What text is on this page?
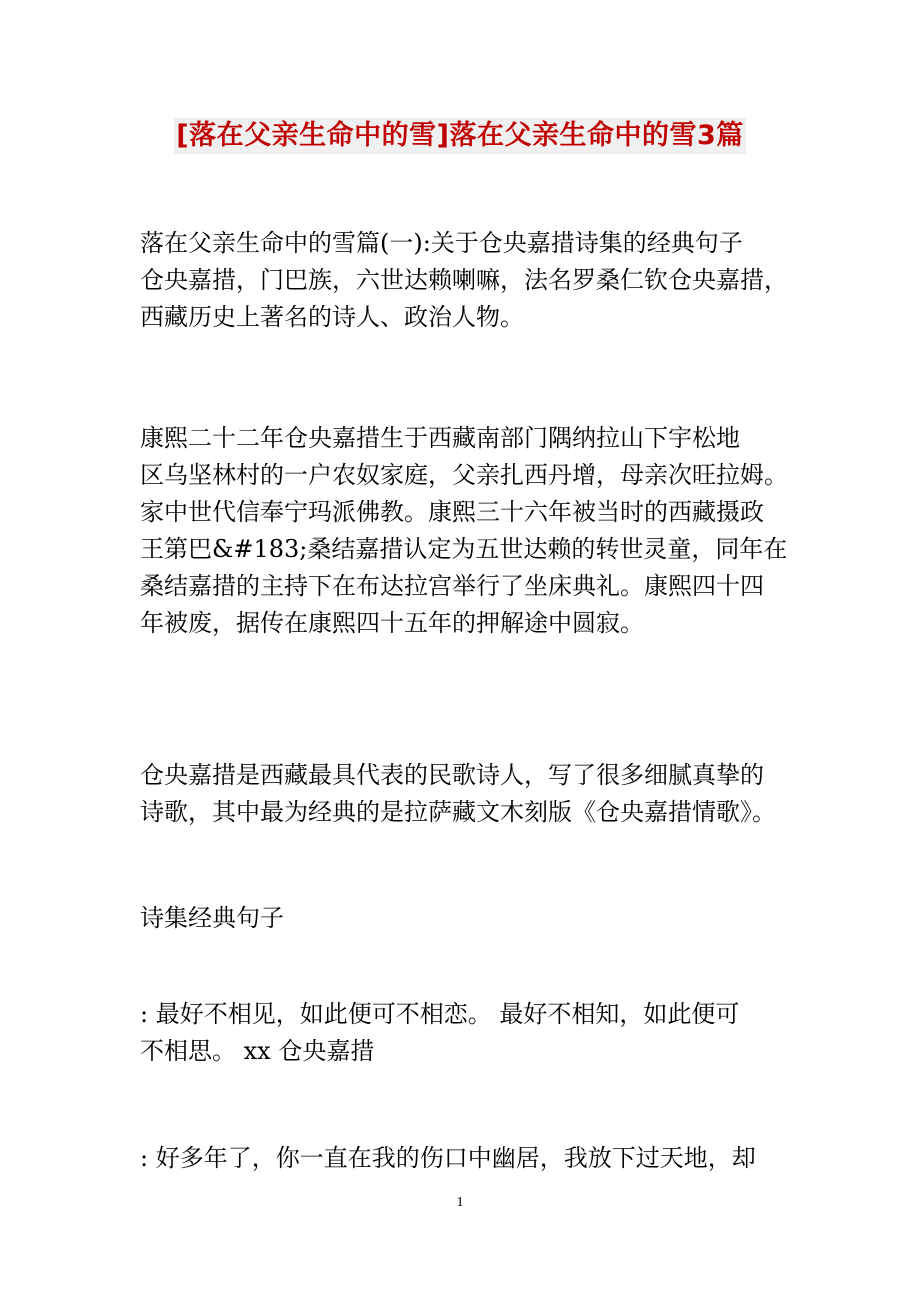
[落在父亲生命中的雪]落在父亲生命中的雪3篇
落在父亲生命中的雪篇(一):关于仓央嘉措诗集的经典句子
仓央嘉措，门巴族，六世达赖喇嘛，法名罗桑仁钦仓央嘉措，
西藏历史上著名的诗人、政治人物。
康熙二十二年仓央嘉措生于西藏南部门隅纳拉山下宇松地
区乌坚林村的一户农奴家庭，父亲扎西丹增，母亲次旺拉姆。
家中世代信奉宁玛派佛教。康熙三十六年被当时的西藏摄政
王第巴&#183;桑结嘉措认定为五世达赖的转世灵童，同年在
桑结嘉措的主持下在布达拉宫举行了坐床典礼。康熙四十四
年被废，据传在康熙四十五年的押解途中圆寂。
仓央嘉措是西藏最具代表的民歌诗人，写了很多细腻真挚的
诗歌，其中最为经典的是拉萨藏文木刻版《仓央嘉措情歌》。
诗集经典句子
: 最好不相见，如此便可不相恋。 最好不相知，如此便可
不相思。 xx 仓央嘉措
: 好多年了，你一直在我的伤口中幽居，我放下过天地，却
1
